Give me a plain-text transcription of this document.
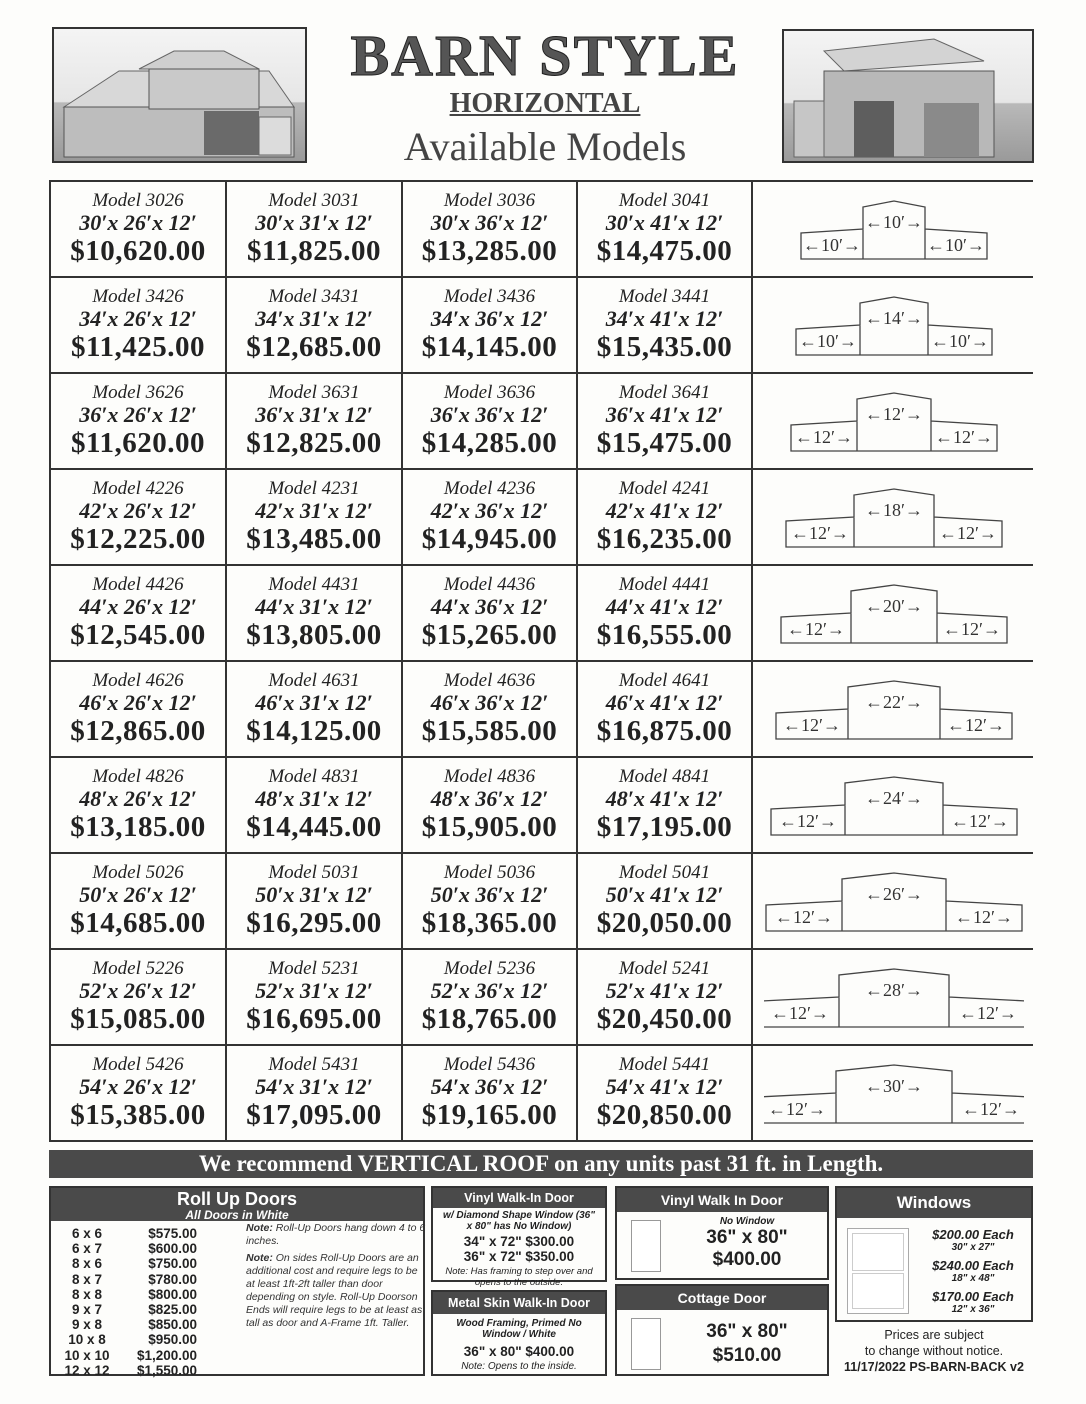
BARN STYLE
HORIZONTAL
Available Models
Model 3026
30′x 26′x 12′
$10,620.00
Model 3031
30′x 31′x 12′
$11,825.00
Model 3036
30′x 36′x 12′
$13,285.00
Model 3041
30′x 41′x 12′
$14,475.00
←10′→
←10′→	←10′→
Model 3426
34′x 26′x 12′
$11,425.00
Model 3431
34′x 31′x 12′
$12,685.00
Model 3436
34′x 36′x 12′
$14,145.00
Model 3441
34′x 41′x 12′
$15,435.00
←14′→
←10′→	←10′→
Model 3626
36′x 26′x 12′
$11,620.00
Model 3631
36′x 31′x 12′
$12,825.00
Model 3636
36′x 36′x 12′
$14,285.00
Model 3641
36′x 41′x 12′
$15,475.00
←12′→
←12′→	←12′→
Model 4226
42′x 26′x 12′
$12,225.00
Model 4231
42′x 31′x 12′
$13,485.00
Model 4236
42′x 36′x 12′
$14,945.00
Model 4241
42′x 41′x 12′
$16,235.00
←18′→
←12′→	←12′→
Model 4426
44′x 26′x 12′
$12,545.00
Model 4431
44′x 31′x 12′
$13,805.00
Model 4436
44′x 36′x 12′
$15,265.00
Model 4441
44′x 41′x 12′
$16,555.00
←20′→
←12′→	←12′→
Model 4626
46′x 26′x 12′
$12,865.00
Model 4631
46′x 31′x 12′
$14,125.00
Model 4636
46′x 36′x 12′
$15,585.00
Model 4641
46′x 41′x 12′
$16,875.00
←22′→
←12′→	←12′→
Model 4826
48′x 26′x 12′
$13,185.00
Model 4831
48′x 31′x 12′
$14,445.00
Model 4836
48′x 36′x 12′
$15,905.00
Model 4841
48′x 41′x 12′
$17,195.00
←24′→
←12′→	←12′→
Model 5026
50′x 26′x 12′
$14,685.00
Model 5031
50′x 31′x 12′
$16,295.00
Model 5036
50′x 36′x 12′
$18,365.00
Model 5041
50′x 41′x 12′
$20,050.00
←26′→
←12′→	←12′→
Model 5226
52′x 26′x 12′
$15,085.00
Model 5231
52′x 31′x 12′
$16,695.00
Model 5236
52′x 36′x 12′
$18,765.00
Model 5241
52′x 41′x 12′
$20,450.00
←28′→
←12′→	←12′→
Model 5426
54′x 26′x 12′
$15,385.00
Model 5431
54′x 31′x 12′
$17,095.00
Model 5436
54′x 36′x 12′
$19,165.00
Model 5441
54′x 41′x 12′
$20,850.00
←30′→
←12′→	←12′→
We recommend VERTICAL ROOF on any units past 31 ft. in Length.
Roll Up Doors
All Doors in White
6 x 6	$575.00
6 x 7	$600.00
8 x 6	$750.00
8 x 7	$780.00
8 x 8	$800.00
9 x 7	$825.00
9 x 8	$850.00
10 x 8	$950.00
10 x 10	$1,200.00
12 x 12	$1,550.00
Note: Roll-Up Doors hang down 4 to 6 inches.
Note: On sides Roll-Up Doors are an additional cost and require legs to be at least 1ft-2ft taller than door depending on style. Roll-Up Doorson Ends will require legs to be at least as tall as door and A-Frame 1ft. Taller.
Vinyl Walk-In Door
w/ Diamond Shape Window (36" x 80" has No Window)
34" x 72" $300.00
36" x 72" $350.00
Note: Has framing to step over and opens to the outside.
Metal Skin Walk-In Door
Wood Framing, Primed No Window / White
36" x 80" $400.00
Note: Opens to the inside.
Vinyl Walk In Door
No Window
36" x 80"
$400.00
Cottage Door
36" x 80"
$510.00
Windows
$200.00 Each
30" x 27"
$240.00 Each
18" x 48"
$170.00 Each
12" x 36"
Prices are subject
to change without notice.
11/17/2022 PS-BARN-BACK v2
